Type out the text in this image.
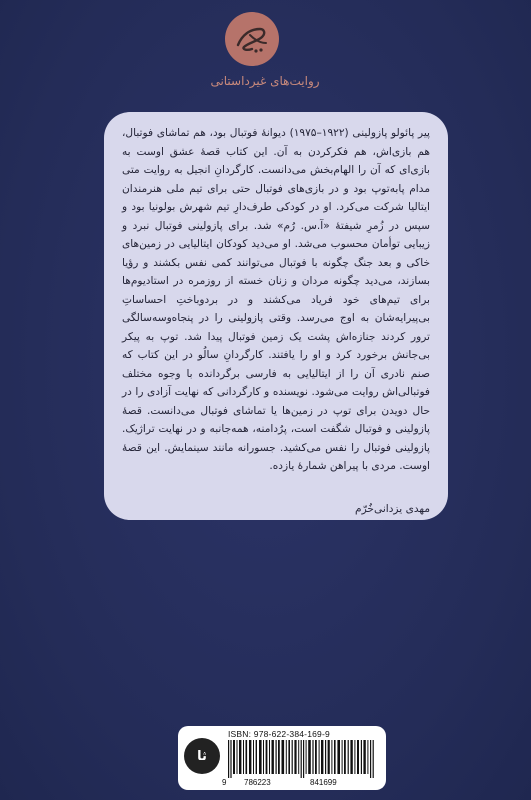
روایت‌های غیرداستانی
پیر پائولو پازولینی (۱۹۲۲–۱۹۷۵) دیوانهٔ فوتبال بود، هم تماشای فوتبال، هم بازی‌اش، هم فکرکردن به آن. این کتاب قصهٔ عشق اوست به بازی‌ای که آن را الهام‌بخش می‌دانست. کارگردانِ انجیل به روایت متی مدام پابه‌توپ بود و در بازی‌های فوتبال حتی برای تیم ملی هنرمندان ایتالیا شرکت می‌کرد. او در کودکی طرف‌دارِ تیم شهرش بولونیا بود و سپس در زُمرِ شیفتهٔ «آ.س. رُم» شد. برای پازولینی فوتبال نبرد و زیبایی توأمان محسوب می‌شد. او می‌دید کودکان ایتالیایی در زمین‌های خاکی و بعد جنگ چگونه با فوتبال می‌توانند کمی نفس بکشند و رؤیا بسازند، می‌دید چگونه مردان و زنان خسته از روزمره در استادیوم‌ها برای تیم‌های خود فریاد می‌کشند و در بردوباختِ احساساتِ بی‌پیرایه‌شان به اوج می‌رسد. وقتی پازولینی را در پنجاه‌وسه‌سالگی ترور کردند جنازه‌اش پشت یک زمین فوتبال پیدا شد. توپ به پیکر بی‌جانش برخورد کرد و او را یافتند. کارگردانِ سالُو در این کتاب که صنم نادری آن را از ایتالیایی به فارسی برگردانده با وجوه مختلف فوتبالی‌اش روایت می‌شود. نویسنده و کارگردانی که نهایت آزادی را در حال دویدن برای توپ در زمین‌ها یا تماشای فوتبال می‌دانست. قصهٔ پازولینی و فوتبال شگفت است، پرُدامنه، همه‌جانبه و در نهایت تراژیک. پازولینی فوتبال را نفس می‌کشید. جسورانه مانند سینمایش. این قصهٔ اوست. مردی با پیراهن شمارهٔ یازده.
مهدی یزدانی‌خُرّم
ثا
ISBN: 978-622-384-169-9
9 786223	841699
